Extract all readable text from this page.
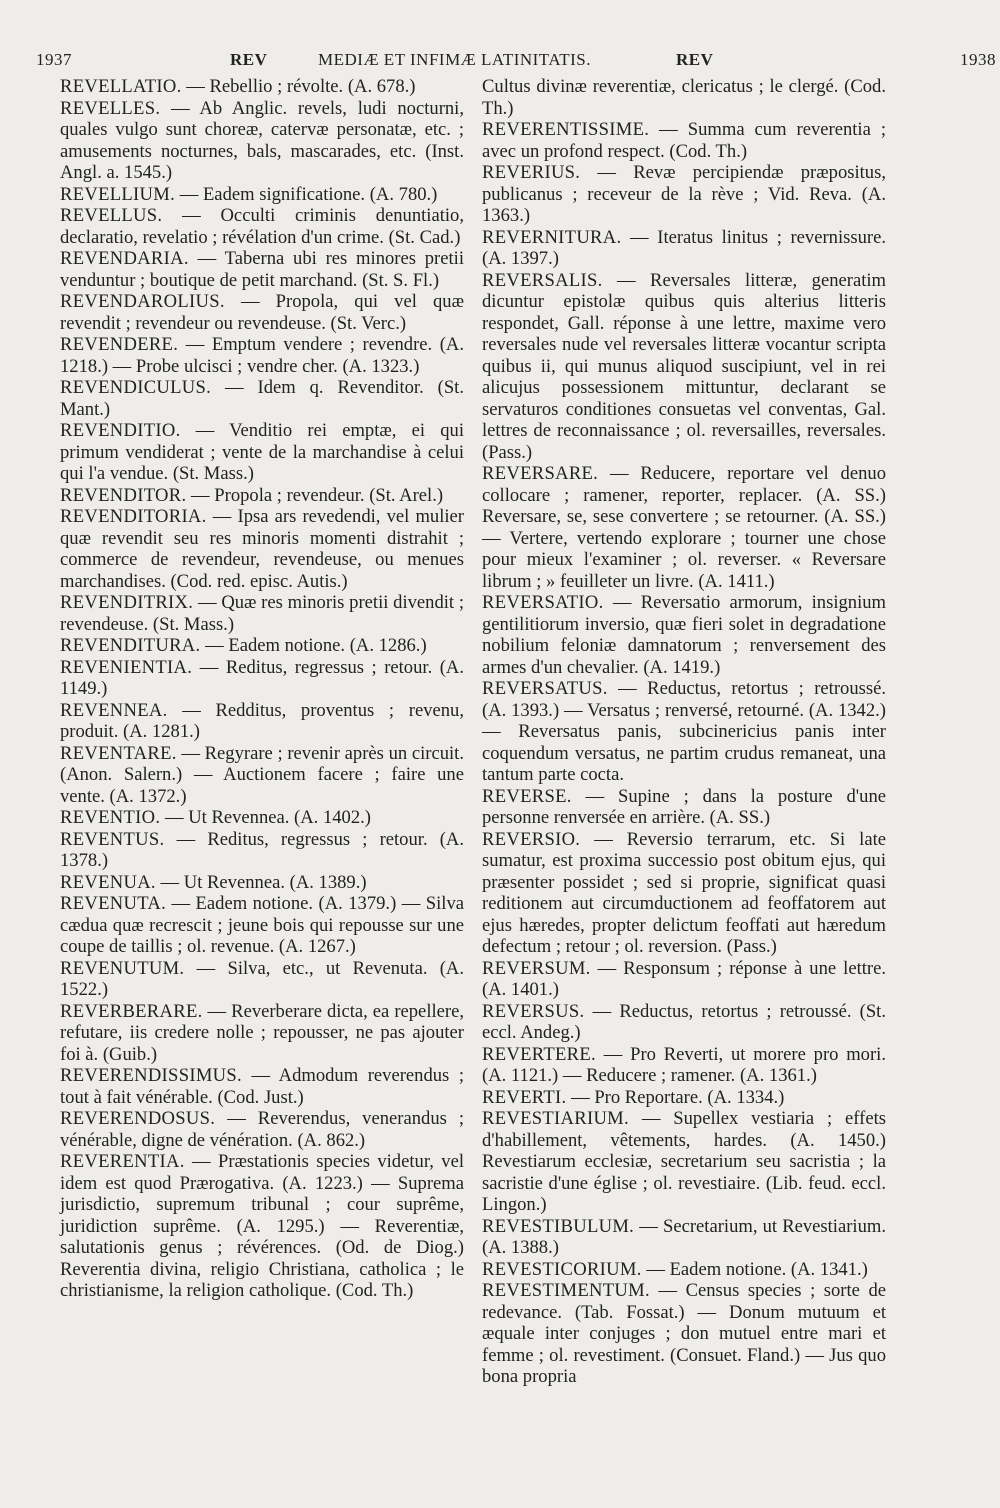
1937	REV	MEDIÆ ET INFIMÆ LATINITATIS.	REV	1938

REVELLATIO. — Rebellio ; révolte. (A. 678.)

REVELLES. — Ab Anglic. revels, ludi nocturni, quales vulgo sunt choreæ, catervæ personatæ, etc. ; amusements nocturnes, bals, mascarades, etc. (Inst. Angl. a. 1545.)

REVELLIUM. — Eadem significatione. (A. 780.)

REVELLUS. — Occulti criminis denuntiatio, declaratio, revelatio ; révélation d'un crime. (St. Cad.)

REVENDARIA. — Taberna ubi res minores pretii venduntur ; boutique de petit marchand. (St. S. Fl.)

REVENDAROLIUS. — Propola, qui vel quæ revendit ; revendeur ou revendeuse. (St. Verc.)

REVENDERE. — Emptum vendere ; revendre. (A. 1218.) — Probe ulcisci ; vendre cher. (A. 1323.)

REVENDICULUS. — Idem q. Revenditor. (St. Mant.)

REVENDITIO. — Venditio rei emptæ, ei qui primum vendiderat ; vente de la marchandise à celui qui l'a vendue. (St. Mass.)

REVENDITOR. — Propola ; revendeur. (St. Arel.)

REVENDITORIA. — Ipsa ars revedendi, vel mulier quæ revendit seu res minoris momenti distrahit ; commerce de revendeur, revendeuse, ou menues marchandises. (Cod. red. episc. Autis.)

REVENDITRIX. — Quæ res minoris pretii divendit ; revendeuse. (St. Mass.)

REVENDITURA. — Eadem notione. (A. 1286.)

REVENIENTIA. — Reditus, regressus ; retour. (A. 1149.)

REVENNEA. — Redditus, proventus ; revenu, produit. (A. 1281.)

REVENTARE. — Regyrare ; revenir après un circuit. (Anon. Salern.) — Auctionem facere ; faire une vente. (A. 1372.)

REVENTIO. — Ut Revennea. (A. 1402.)

REVENTUS. — Reditus, regressus ; retour. (A. 1378.)

REVENUA. — Ut Revennea. (A. 1389.)

REVENUTA. — Eadem notione. (A. 1379.) — Silva cædua quæ recrescit ; jeune bois qui repousse sur une coupe de taillis ; ol. revenue. (A. 1267.)

REVENUTUM. — Silva, etc., ut Revenuta. (A. 1522.)

REVERBERARE. — Reverberare dicta, ea repellere, refutare, iis credere nolle ; repousser, ne pas ajouter foi à. (Guib.)

REVERENDISSIMUS. — Admodum reverendus ; tout à fait vénérable. (Cod. Just.)

REVERENDOSUS. — Reverendus, venerandus ; vénérable, digne de vénération. (A. 862.)

REVERENTIA. — Præstationis species videtur, vel idem est quod Prærogativa. (A. 1223.) — Suprema jurisdictio, supremum tribunal ; cour suprême, juridiction suprême. (A. 1295.) — Reverentiæ, salutationis genus ; révérences. (Od. de Diog.) Reverentia divina, religio Christiana, catholica ; le christianisme, la religion catholique. (Cod. Th.)

Cultus divinæ reverentiæ, clericatus ; le clergé. (Cod. Th.)

REVERENTISSIME. — Summa cum reverentia ; avec un profond respect. (Cod. Th.)

REVERIUS. — Revæ percipiendæ præpositus, publicanus ; receveur de la rève ; Vid. Reva. (A. 1363.)

REVERNITURA. — Iteratus linitus ; revernissure. (A. 1397.)

REVERSALIS. — Reversales litteræ, generatim dicuntur epistolæ quibus quis alterius litteris respondet, Gall. réponse à une lettre, maxime vero reversales nude vel reversales litteræ vocantur scripta quibus ii, qui munus aliquod suscipiunt, vel in rei alicujus possessionem mittuntur, declarant se servaturos conditiones consuetas vel conventas, Gal. lettres de reconnaissance ; ol. reversailles, reversales. (Pass.)

REVERSARE. — Reducere, reportare vel denuo collocare ; ramener, reporter, replacer. (A. SS.) Reversare, se, sese convertere ; se retourner. (A. SS.) — Vertere, vertendo explorare ; tourner une chose pour mieux l'examiner ; ol. reverser. « Reversare librum ; » feuilleter un livre. (A. 1411.)

REVERSATIO. — Reversatio armorum, insignium gentilitiorum inversio, quæ fieri solet in degradatione nobilium feloniæ damnatorum ; renversement des armes d'un chevalier. (A. 1419.)

REVERSATUS. — Reductus, retortus ; retroussé. (A. 1393.) — Versatus ; renversé, retourné. (A. 1342.) — Reversatus panis, subcinericius panis inter coquendum versatus, ne partim crudus remaneat, una tantum parte cocta.

REVERSE. — Supine ; dans la posture d'une personne renversée en arrière. (A. SS.)

REVERSIO. — Reversio terrarum, etc. Si late sumatur, est proxima successio post obitum ejus, qui præsenter possidet ; sed si proprie, significat quasi reditionem aut circumductionem ad feoffatorem aut ejus hæredes, propter delictum feoffati aut hæredum defectum ; retour ; ol. reversion. (Pass.)

REVERSUM. — Responsum ; réponse à une lettre. (A. 1401.)

REVERSUS. — Reductus, retortus ; retroussé. (St. eccl. Andeg.)

REVERTERE. — Pro Reverti, ut morere pro mori. (A. 1121.) — Reducere ; ramener. (A. 1361.)

REVERTI. — Pro Reportare. (A. 1334.)

REVESTIARIUM. — Supellex vestiaria ; effets d'habillement, vêtements, hardes. (A. 1450.) Revestiarum ecclesiæ, secretarium seu sacristia ; la sacristie d'une église ; ol. revestiaire. (Lib. feud. eccl. Lingon.)

REVESTIBULUM. — Secretarium, ut Revestiarium. (A. 1388.)

REVESTICORIUM. — Eadem notione. (A. 1341.)

REVESTIMENTUM. — Census species ; sorte de redevance. (Tab. Fossat.) — Donum mutuum et æquale inter conjuges ; don mutuel entre mari et femme ; ol. revestiment. (Consuet. Fland.) — Jus quo bona propria
